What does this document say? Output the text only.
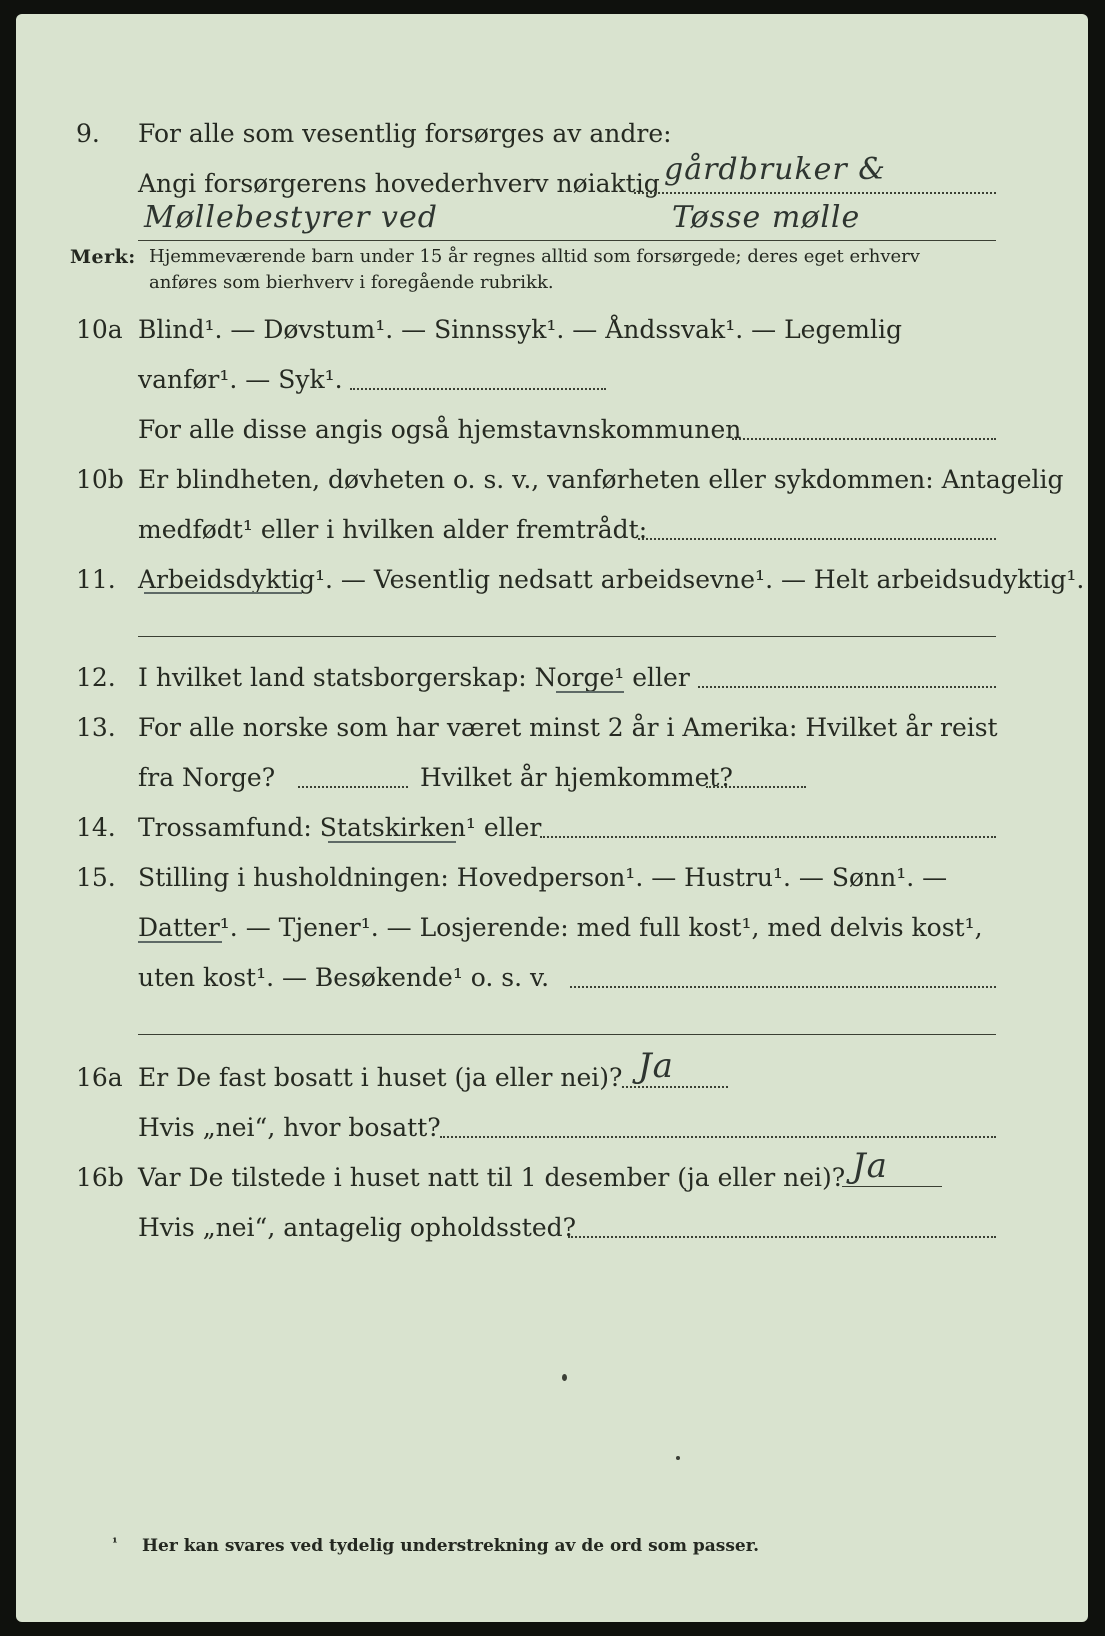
9.	For alle som vesentlig forsørges av andre:
Angi forsørgerens hovederhverv nøiaktig gårdbruker &
Møllebestyrer ved	Tøsse mølle
Merk: Hjemmeværende barn under 15 år regnes alltid som forsørgede; deres eget erhverv
anføres som bierhverv i foregående rubrikk.
10a Blind¹. — Døvstum¹. — Sinnssyk¹. — Åndssvak¹. — Legemlig
vanfør¹. — Syk¹.
For alle disse angis også hjemstavnskommunen
10b Er blindheten, døvheten o. s. v., vanførheten eller sykdommen: Antagelig
medfødt¹ eller i hvilken alder fremtrådt:
11. Arbeidsdyktig¹. — Vesentlig nedsatt arbeidsevne¹. — Helt arbeidsudyktig¹.
12. I hvilket land statsborgerskap: Norge¹ eller
13. For alle norske som har været minst 2 år i Amerika: Hvilket år reist
fra Norge?	Hvilket år hjemkommet?
14. Trossamfund: Statskirken¹ eller
15. Stilling i husholdningen: Hovedperson¹. — Hustru¹. — Sønn¹. —
Datter¹. — Tjener¹. — Losjerende: med full kost¹, med delvis kost¹,
uten kost¹. — Besøkende¹ o. s. v.
16a Er De fast bosatt i huset (ja eller nei)? Ja
Hvis „nei“, hvor bosatt?
16b Var De tilstede i huset natt til 1 desember (ja eller nei)? Ja
Hvis „nei“, antagelig opholdssted?
¹ Her kan svares ved tydelig understrekning av de ord som passer.
